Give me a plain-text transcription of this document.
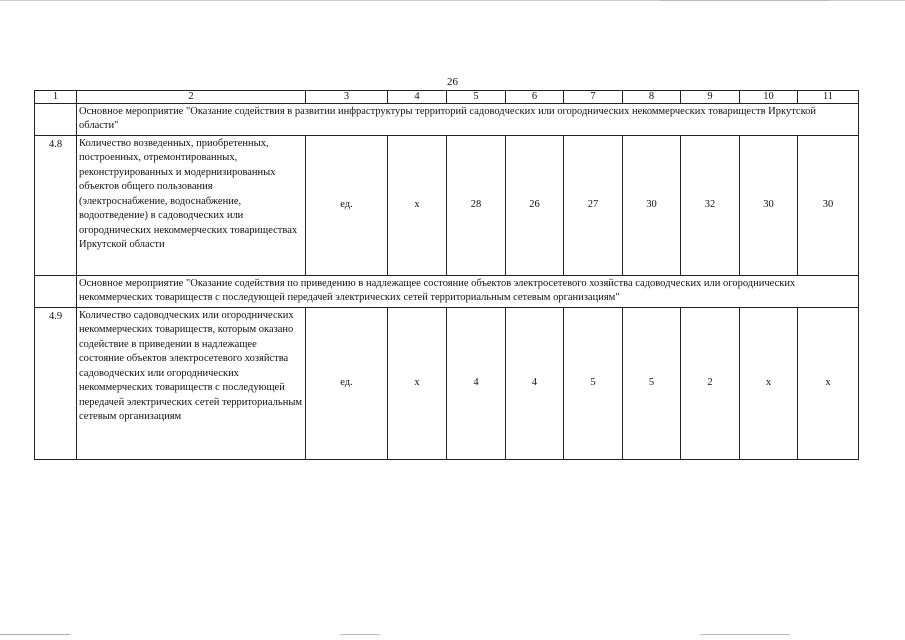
26
1	2	3	4	5	6	7	8	9	10	11
	Основное мероприятие "Оказание содействия в развитии инфраструктуры территорий садоводческих или огороднических некоммерческих товариществ Иркутской области"									
4.8	Количество возведенных, приобретенных, построенных, отремонтированных, реконструированных и модернизированных объектов общего пользования (электроснабжение, водоснабжение, водоотведение) в садоводческих или огороднических некоммерческих товариществах Иркутской области	ед.	х	28	26	27	30	32	30	30
	Основное мероприятие "Оказание содействия по приведению в надлежащее состояние объектов электросетевого хозяйства садоводческих или огороднических некоммерческих товариществ с последующей передачей электрических сетей территориальным сетевым организациям"									
4.9	Количество садоводческих или огороднических некоммерческих товариществ, которым оказано содействие в приведении в надлежащее состояние объектов электросетевого хозяйства садоводческих или огороднических некоммерческих товариществ с последующей передачей электрических сетей территориальным сетевым организациям	ед.	х	4	4	5	5	2	х	х
